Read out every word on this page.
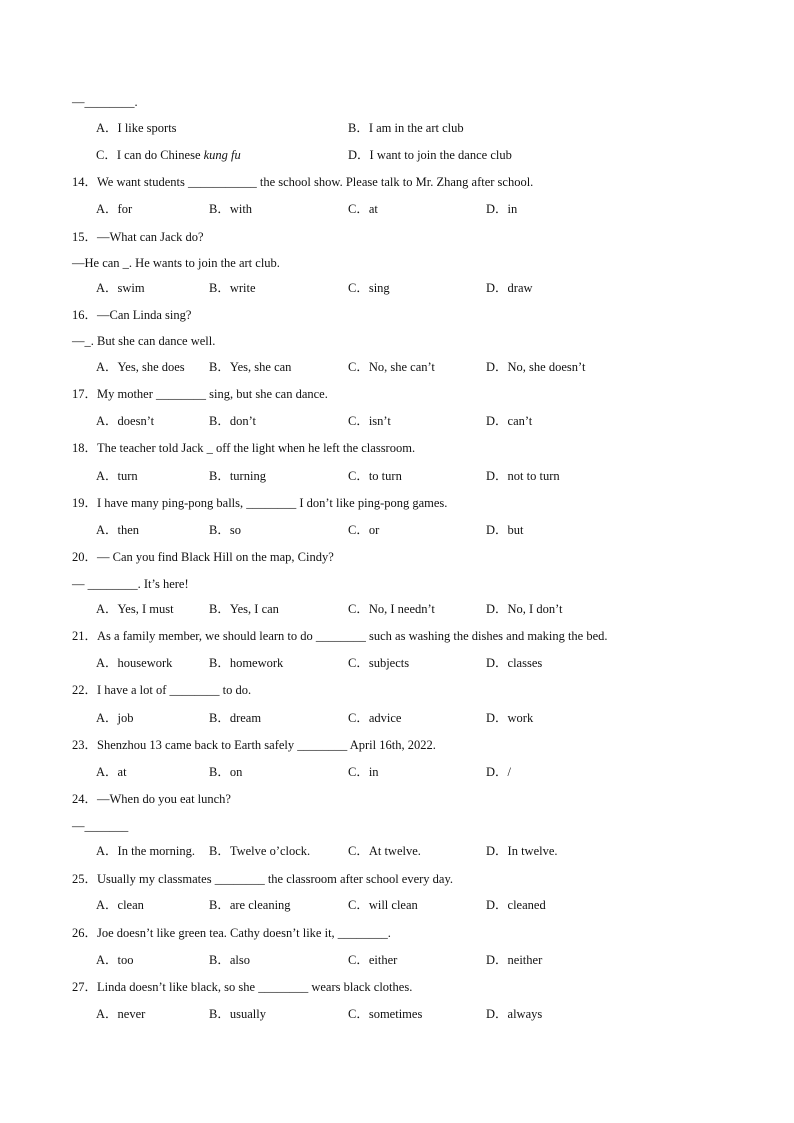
—________.
A．I like sports	B．I am in the art club
C．I can do Chinese kung fu	D．I want to join the dance club
14．We want students ___________ the school show. Please talk to Mr. Zhang after school.
A．for	B．with	C．at	D．in
15．—What can Jack do?
—He can _. He wants to join the art club.
A．swim	B．write	C．sing	D．draw
16．—Can Linda sing?
—_. But she can dance well.
A．Yes, she does B．Yes, she can	C．No, she can’t	D．No, she doesn’t
17．My mother ________ sing, but she can dance.
A．doesn’t	B．don’t	C．isn’t	D．can’t
18．The teacher told Jack _ off the light when he left the classroom.
A．turn	B．turning	C．to turn	D．not to turn
19．I have many ping-pong balls, ________ I don’t like ping-pong games.
A．then	B．so	C．or	D．but
20．— Can you find Black Hill on the map, Cindy?
— ________. It’s here!
A．Yes, I must	B．Yes, I can	C．No, I needn’t	D．No, I don’t
21．As a family member, we should learn to do ________ such as washing the dishes and making the bed.
A．housework	B．homework	C．subjects	D．classes
22．I have a lot of ________ to do.
A．job	B．dream	C．advice	D．work
23．Shenzhou 13 came back to Earth safely ________ April 16th, 2022.
A．at	B．on	C．in	D．/
24．—When do you eat lunch?
—_______
A．In the morning. B．Twelve o’clock.	C．At twelve.	D．In twelve.
25．Usually my classmates ________ the classroom after school every day.
A．clean	B．are cleaning	C．will clean	D．cleaned
26．Joe doesn’t like green tea. Cathy doesn’t like it, ________.
A．too	B．also	C．either	D．neither
27．Linda doesn’t like black, so she ________ wears black clothes.
A．never	B．usually	C．sometimes	D．always
